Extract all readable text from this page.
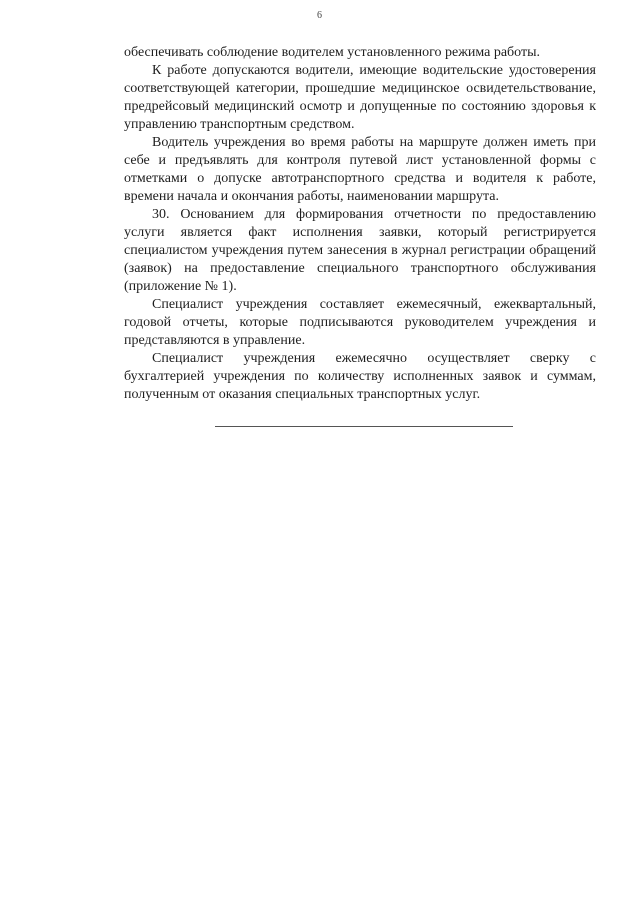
6

обеспечивать соблюдение водителем установленного режима работы.

К работе допускаются водители, имеющие водительские удостоверения
соответствующей категории, прошедшие медицинское освидетельствование,
предрейсовый медицинский осмотр и допущенные по состоянию здоровья к
управлению транспортным средством.

Водитель учреждения во время работы на маршруте должен иметь при
себе и предъявлять для контроля путевой лист установленной формы с
отметками о допуске автотранспортного средства и водителя к работе,
времени начала и окончания работы, наименовании маршрута.

30. Основанием для формирования отчетности по предоставлению
услуги является факт исполнения заявки, который регистрируется
специалистом учреждения путем занесения в журнал регистрации обращений
(заявок) на предоставление специального транспортного обслуживания
(приложение № 1).

Специалист учреждения составляет ежемесячный, ежеквартальный,
годовой отчеты, которые подписываются руководителем учреждения и
представляются в управление.

Специалист учреждения ежемесячно осуществляет сверку с
бухгалтерией учреждения по количеству исполненных заявок и суммам,
полученным от оказания специальных транспортных услуг.
